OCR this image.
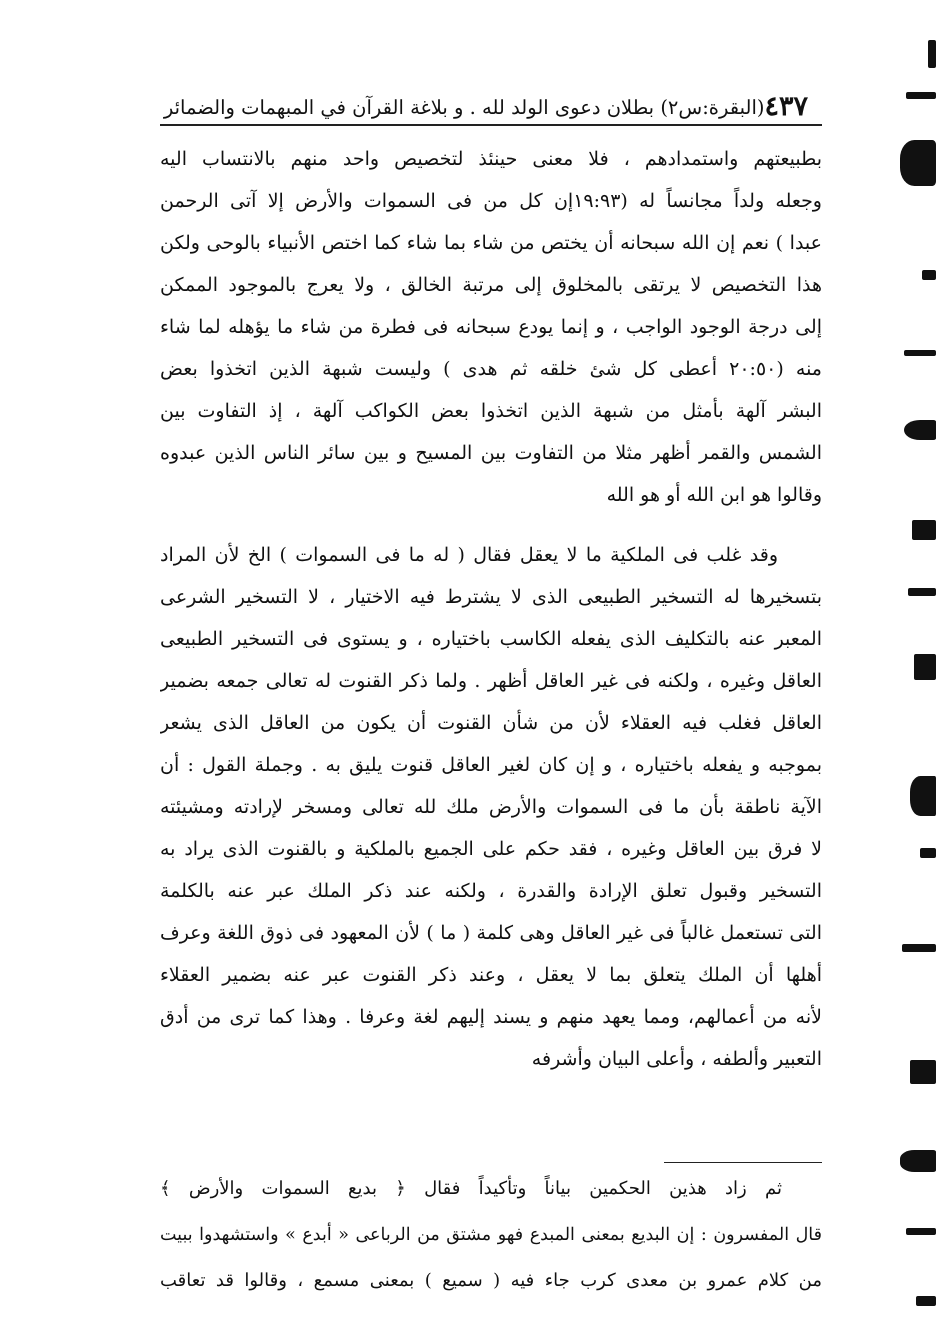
٤٣٧
(البقرة:س٢) بطلان دعوى الولد لله . و بلاغة القرآن في المبهمات والضمائر
بطبيعتهم واستمدادهم ، فلا معنى حينئذ لتخصيص واحد منهم بالانتساب اليه
وجعله ولداً مجانساً له (١٩:٩٣إن كل من فى السموات والأرض إلا آتى الرحمن
عبدا ) نعم إن الله سبحانه أن يختص من شاء بما شاء كما اختص الأنبياء بالوحى ولكن
هذا التخصيص لا يرتقى بالمخلوق إلى مرتبة الخالق ، ولا يعرج بالموجود الممكن
إلى درجة الوجود الواجب ، و إنما يودع سبحانه فى فطرة من شاء ما يؤهله لما شاء
منه (٢٠:٥٠ أعطى كل شئ خلقه ثم هدى ) وليست شبهة الذين اتخذوا بعض
البشر آلهة بأمثل من شبهة الذين اتخذوا بعض الكواكب آلهة ، إذ التفاوت بين
الشمس والقمر أظهر مثلا من التفاوت بين المسيح و بين سائر الناس الذين عبدوه
وقالوا هو ابن الله أو هو الله
وقد غلب فى الملكية ما لا يعقل فقال ( له ما فى السموات ) الخ لأن المراد
بتسخيرها له التسخير الطبيعى الذى لا يشترط فيه الاختيار ، لا التسخير الشرعى
المعبر عنه بالتكليف الذى يفعله الكاسب باختياره ، و يستوى فى التسخير الطبيعى
العاقل وغيره ، ولكنه فى غير العاقل أظهر . ولما ذكر القنوت له تعالى جمعه بضمير
العاقل فغلب فيه العقلاء لأن من شأن القنوت أن يكون من العاقل الذى يشعر
بموجبه و يفعله باختياره ، و إن كان لغير العاقل قنوت يليق به . وجملة القول : أن
الآية ناطقة بأن ما فى السموات والأرض ملك لله تعالى ومسخر لإرادته ومشيئته
لا فرق بين العاقل وغيره ، فقد حكم على الجميع بالملكية و بالقنوت الذى يراد به
التسخير وقبول تعلق الإرادة والقدرة ، ولكنه عند ذكر الملك عبر عنه بالكلمة
التى تستعمل غالباً فى غير العاقل وهى كلمة ( ما ) لأن المعهود فى ذوق اللغة وعرف
أهلها أن الملك يتعلق بما لا يعقل ، وعند ذكر القنوت عبر عنه بضمير العقلاء
لأنه من أعمالهم، ومما يعهد منهم و يسند إليهم لغة وعرفا . وهذا كما ترى من أدق
التعبير وألطفه ، وأعلى البيان وأشرفه
ثم زاد هذين الحكمين بياناً وتأكيداً فقال ﴿ بديع السموات والأرض ﴾
قال المفسرون : إن البديع بمعنى المبدع فهو مشتق من الرباعى « أبدع » واستشهدوا ببيت
من كلام عمرو بن معدى كرب جاء فيه ( سميع ) بمعنى مسمع ، وقالوا قد تعاقب
